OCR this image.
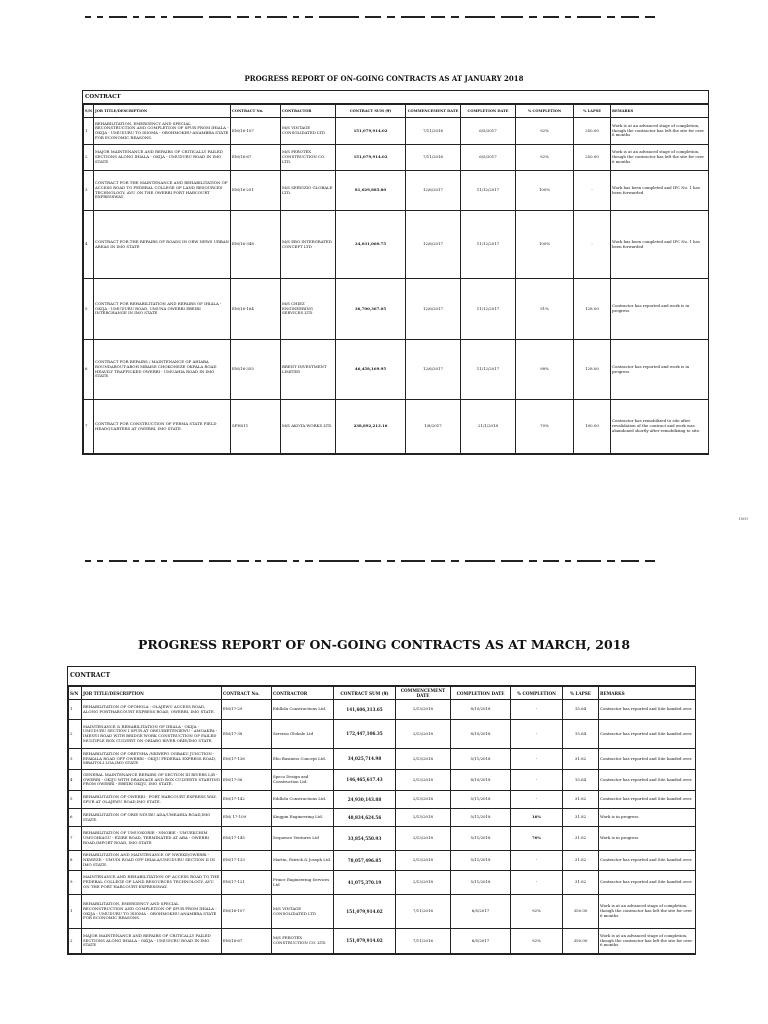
PROGRESS REPORT OF ON-GOING CONTRACTS AS AT JANUARY 2018
CONTRACT
S/N	JOB TITLE/DESCRIPTION	CONTRACT No.	CONTRACTOR	CONTRACT SUM (₦)	COMMENCEMENT DATE	COMPLETION DATE	% COMPLETION	% LAPSE	REMARKS
1	REHABILITATION, EMERGENCY AND SPECIAL RECONSTRUCTION AND COMPLETION OF SPUR FROM IHIALA - OKIJA - UMUDURU TO ISIOMA - OBOHMOKHU-ANAMBRA STATE FOR ECONOMIC REASONS.	EM/16-107	M/S VINTAGE CONSOLIDATED LTD	151,079,914.02	7/11/2016	6/5/2017	92%	250.00	Work is at an advanced stage of completion, though the contractor has left the site for over 6 months
2	MAJOR MAINTENANCE AND REPAIRS OF CRITICALLY FAILED SECTIONS ALONG IHIALA - OKIJA - UMUDURU ROAD IN IMO STATE	EM/16-67	M/S FEROTEX CONSTRUCTION CO. LTD.	151,079,914.02	7/11/2016	6/5/2017	92%	250.00	Work is at an advanced stage of completion, though the contractor has left the site for over 6 months
3	CONTRACT FOR THE MAINTENANCE AND REHABILITATION OF ACCESS ROAD TO FEDERAL COLLEGE OF LAND RESOURCES TECHNOLOGY, AVU ON THE OWERRI PORT HARCOURT EXPRESSWAY.	EM/16-251	M/S SERVIZIO GLOBALE LTD.	81,029,885.80	12/6/2017	11/12/2017	100%	-	Work has been completed and IPC No. 1 has been forwarded
4	CONTRACT FOR THE REPAIRS OF ROADS IN ORW NEWS URBAN AREAS IN IMO STATE	EM/16-348	M/S EBO INTERGRATED CONCEPT LTD	34,031,060.75	12/6/2017	11/12/2017	100%	-	Work has been completed and IPC No. 1 has been forwarded
5	CONTRACT FOR REHABILITATION AND REPAIRS OF IHIALA - OKIJA - UMUDURU ROAD, UMUNA OWERRI EBEIRI INTERCHANGE IN IMO STATE	EM/16-164	M/S CHIEZ ENGINEERING SERVICES LTD	36,700,367.05	12/6/2017	11/12/2017	91%	128.00	Contractor has reported and work is in progress
6	CONTRACT FOR REPAIRS / MAINTENANCE OF AHIABA ROUNDABOUT-ABOH MBAISE CHOKONEZE OKPALA ROAD HEAVILY TRAFFICKED OWERRI - UMUAHIA ROAD IN IMO STATE.	EM/16-355	BRENT INVESTMENT LIMITED	46,458,169.95	12/6/2017	11/12/2017	98%	128.00	Contractor has reported and work is in progress
7	CONTRACT FOR CONSTRUCTION OF FERMA STATE FIELD HEADQUARTERS AT OWERRI, IMO STATE.	SFH011	M/S AKOTA WORKS LTD	238,892,213.16	1/8/2017	21/1/2018	70%	100.00	Contractor has remobilized to site after revalidation of the contract and work was abandoned shortly after remobilizing to site.
IMO
PROGRESS REPORT OF ON-GOING CONTRACTS AS AT MARCH, 2018
CONTRACT
S/N	JOB TITLE/DESCRIPTION	CONTRACT No.	CONTRACTOR	CONTRACT SUM (₦)	COMMENCEMENT DATE	COMPLETION DATE	% COMPLETION	% LAPSE	REMARKS
1	REHABILITATION OF OFOHOLA - OLAJEWU ACCESS ROAD, ALONG PORTHARCOURT EXPRESS ROAD, OWERRI, IMO STATE.	EM/17-29	Eddlolu Constructions Ltd.	141,606,313.65	2/13/2018	8/10/2018	-	15.64	Contractor has reported and Site handed over.
2	MAINTENANCE & REHABILITATION OF IHIALA - OKIJA - UMUDURU SECTION I SPUR AT ORSUIHETENIEWU - AMOAKPA - IMENYI ROAD WITH BRIDGE WORK CONSTRUCTION OF FAILED MULTIPLE BOX CULVERT ON ORIABO RIVER ORIE/IMO STATE.	EM/17-38	Servizio Globale Ltd	172,447,106.35	2/13/2018	8/10/2018	-	15.64	Contractor has reported and Site handed over.
3	REHABILITATION OF ORETSHA /NKWEPO OGBAKU JUNCTION - EFAKALA ROAD OFF OWERRI - OKIJU FEDERAL EXPRESS ROAD, MBAITOLI LGA,IMO STATE	EM/17-136	Ebo Business Concept Ltd.	34,025,714.98	2/13/2018	5/11/2018	-	31.82	Contractor has reported and Site handed over.
4	GENERAL MAINTENANCE REPAIRS OF SECTION III RIVERS L/B - OWERRI - OKIJU WITH DRAINAGE AND BOX CULVERTS STARTING FROM OWERRI - EBEIRI OKIJU, IMO STATE.	EM/17-36	Speco Design and Construction Ltd.	146,465,617.43	2/13/2018	8/10/2018	-	15.64	Contractor has reported and Site handed over.
5	REHABILITATION OF OWERRI - PORT HARCOURT EXPRESS WAY, SPUR AT OLAJEWU ROAD,IMO STATE.	EM/17-142	Eddlolu Constructions Ltd.	24,930,143.88	2/13/2018	5/11/2018	-	31.82	Contractor has reported and Site handed over.
6	REHABILITATION OF ORIE NDUBU ADA/UMEAHIA ROAD,IMO STATE.	EM/ 17-109	Kingpin Engineering Ltd.	48,834,624.56	2/13/2018	5/11/2018	16%	31.82	Work is in progress
7	REHABILITATION OF UMUOKORIE - NNOBIE - UMUEKCHIM UMUOHIAGU - EZIRE ROAD, TERMINATED AT ABA - OWERRI ROAD,IMPORT ROAD, IMO STATE	EM/17-145	Sequence Ventures Ltd	33,854,550.93	2/13/2018	5/11/2018	76%	31.82	Work is in progress
8	REHABILITATION AND MAINTENANCE OF NWEKE/OWERRI - NKWEZE - UMUDI ROAD OFF IHIALA/UMUDURU SECTION II IN IMO STATE.	EM/17-133	Martin, Patrick & Joseph Ltd.	78,057,496.85	2/13/2018	5/11/2018	-	31.82	Contractor has reported and Site handed over.
9	MAINTENANCE AND REHABILITATION OF ACCESS ROAD TO THE FEDERAL COLLEGE OF LAND RESOURCES TECHNOLOGY, AVU ON THE PORT HARCOURT EXPRESSWAY.	EM/17-121	Prince Engineering Services Ltd	41,075,370.19	2/13/2018	5/11/2018	-	31.82	Contractor has reported and Site handed over.
1	REHABILITATION, EMERGENCY AND SPECIAL RECONSTRUCTION AND COMPLETION OF SPUR FROM IHIALA - OKIJA - UMUDURU TO ISIOMA - OBOHMOKHU-ANAMBRA STATE FOR ECONOMIC REASONS.	EM/16-107	M/S VINTAGE CONSOLIDATED LTD	151,079,914.02	7/11/2016	6/5/2017	92%	350.00	Work is at an advanced stage of completion, though the contractor has left the site for over 6 months
2	MAJOR MAINTENANCE AND REPAIRS OF CRITICALLY FAILED SECTIONS ALONG IHIALA - OKIJA - UMUDURU ROAD IN IMO STATE	EM/16-67	M/S FEROTEX CONSTRUCTION CO. LTD.	151,079,914.02	7/11/2016	6/5/2017	92%	350.00	Work is at an advanced stage of completion, though the contractor has left the site for over 6 months
